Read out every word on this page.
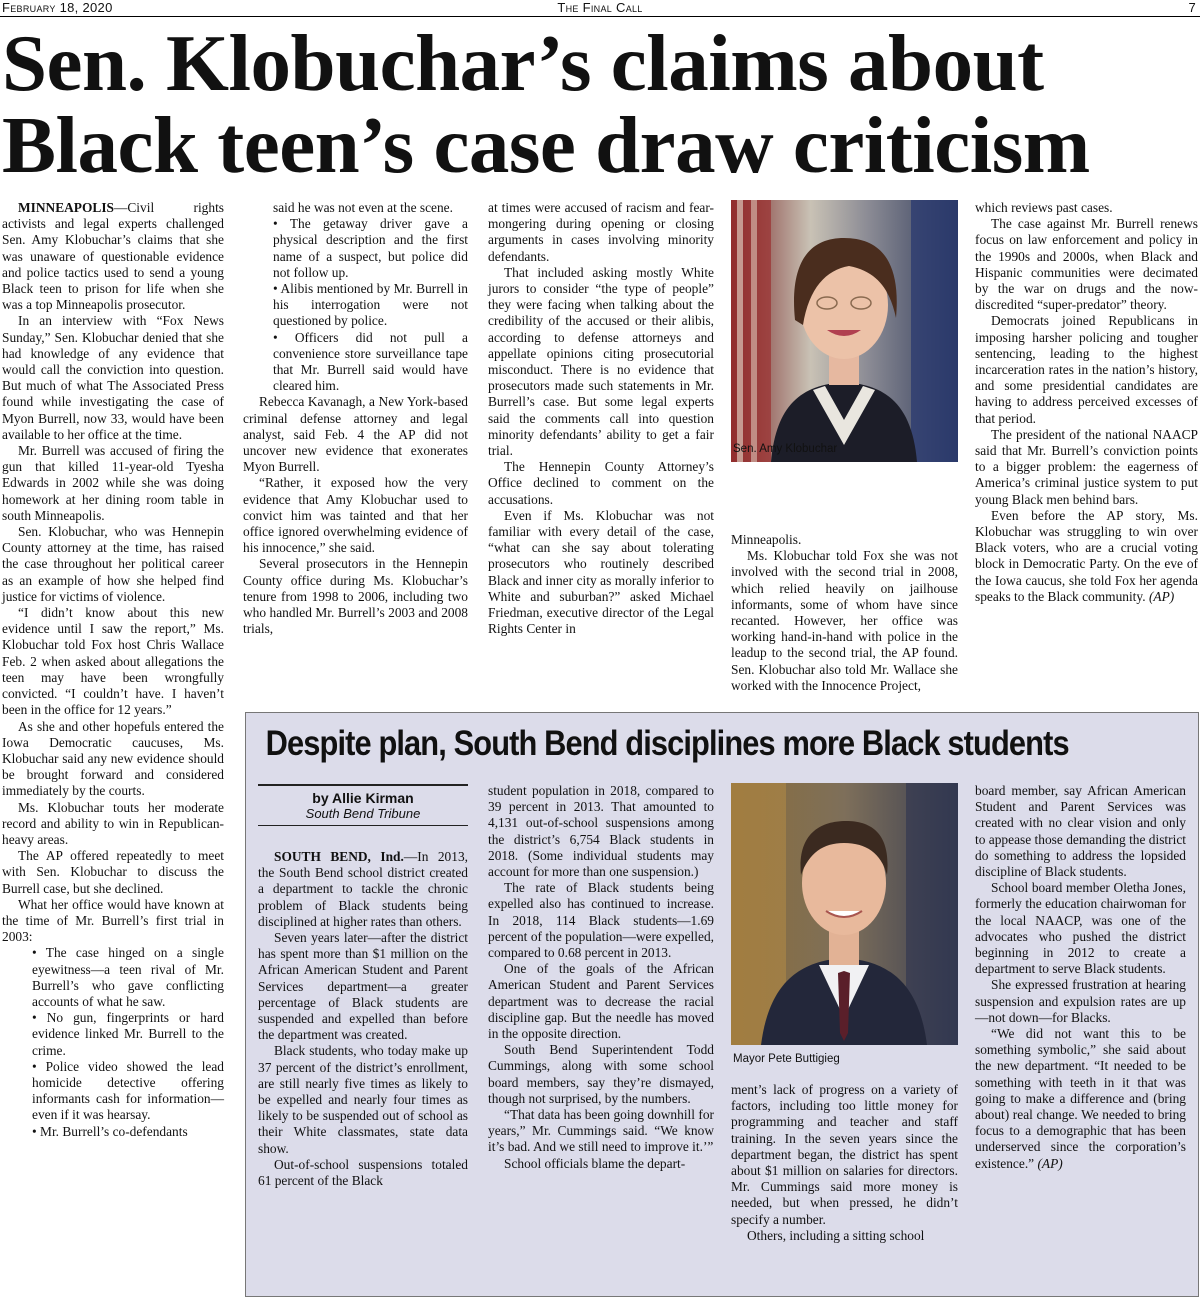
February 18, 2020	The Final Call	7
Sen. Klobuchar’s claims about
Black teen’s case draw criticism

MINNEAPOLIS—Civil rights activists and legal experts challenged Sen. Amy Klobuchar’s claims that she was unaware of questionable evidence and police tactics used to send a young Black teen to prison for life when she was a top Minneapolis prosecutor.

In an interview with “Fox News Sunday,” Sen. Klobuchar denied that she had knowledge of any evidence that would call the conviction into question. But much of what The Associated Press found while investigating the case of Myon Burrell, now 33, would have been available to her office at the time.

Mr. Burrell was accused of firing the gun that killed 11-year-old Tyesha Edwards in 2002 while she was doing homework at her dining room table in south Minneapolis.

Sen. Klobuchar, who was Hennepin County attorney at the time, has raised the case throughout her political career as an example of how she helped find justice for victims of violence.

“I didn’t know about this new evidence until I saw the report,” Ms. Klobuchar told Fox host Chris Wallace Feb. 2 when asked about allegations the teen may have been wrongfully convicted. “I couldn’t have. I haven’t been in the office for 12 years.”

As she and other hopefuls entered the Iowa Democratic caucuses, Ms. Klobuchar said any new evidence should be brought forward and considered immediately by the courts.

Ms. Klobuchar touts her moderate record and ability to win in Republican-heavy areas.

The AP offered repeatedly to meet with Sen. Klobuchar to discuss the Burrell case, but she declined.

What her office would have known at the time of Mr. Burrell’s first trial in 2003:

• The case hinged on a single eyewitness—a teen rival of Mr. Burrell’s who gave conflicting accounts of what he saw.

• No gun, fingerprints or hard evidence linked Mr. Burrell to the crime.

• Police video showed the lead homicide detective offering informants cash for information—even if it was hearsay.

• Mr. Burrell’s co-defendants

said he was not even at the scene.

• The getaway driver gave a physical description and the first name of a suspect, but police did not follow up.

• Alibis mentioned by Mr. Burrell in his interrogation were not questioned by police.

• Officers did not pull a convenience store surveillance tape that Mr. Burrell said would have cleared him.

Rebecca Kavanagh, a New York-based criminal defense attorney and legal analyst, said Feb. 4 the AP did not uncover new evidence that exonerates Myon Burrell.

“Rather, it exposed how the very evidence that Amy Klobuchar used to convict him was tainted and that her office ignored overwhelming evidence of his innocence,” she said.

Several prosecutors in the Hennepin County office during Ms. Klobuchar’s tenure from 1998 to 2006, including two who handled Mr. Burrell’s 2003 and 2008 trials,

at times were accused of racism and fear-mongering during opening or closing arguments in cases involving minority defendants.

That included asking mostly White jurors to consider “the type of people” they were facing when talking about the credibility of the accused or their alibis, according to defense attorneys and appellate opinions citing prosecutorial misconduct. There is no evidence that prosecutors made such statements in Mr. Burrell’s case. But some legal experts said the comments call into question minority defendants’ ability to get a fair trial.

The Hennepin County Attorney’s Office declined to comment on the accusations.

Even if Ms. Klobuchar was not familiar with every detail of the case, “what can she say about tolerating prosecutors who routinely described Black and inner city as morally inferior to White and suburban?” asked Michael Friedman, executive director of the Legal Rights Center in

Sen. Amy Klobuchar

Minneapolis.

Ms. Klobuchar told Fox she was not involved with the second trial in 2008, which relied heavily on jailhouse informants, some of whom have since recanted. However, her office was working hand-in-hand with police in the leadup to the second trial, the AP found. Sen. Klobuchar also told Mr. Wallace she worked with the Innocence Project,

which reviews past cases.

The case against Mr. Burrell renews focus on law enforcement and policy in the 1990s and 2000s, when Black and Hispanic communities were decimated by the war on drugs and the now-discredited “super-predator” theory.

Democrats joined Republicans in imposing harsher policing and tougher sentencing, leading to the highest incarceration rates in the nation’s history, and some presidential candidates are having to address perceived excesses of that period.

The president of the national NAACP said that Mr. Burrell’s conviction points to a bigger problem: the eagerness of America’s criminal justice system to put young Black men behind bars.

Even before the AP story, Ms. Klobuchar was struggling to win over Black voters, who are a crucial voting block in Democratic Party. On the eve of the Iowa caucus, she told Fox her agenda speaks to the Black community. (AP)

Despite plan, South Bend disciplines more Black students
by Allie Kirman
South Bend Tribune

SOUTH BEND, Ind.—In 2013, the South Bend school district created a department to tackle the chronic problem of Black students being disciplined at higher rates than others.

Seven years later—after the district has spent more than $1 million on the African American Student and Parent Services department—a greater percentage of Black students are suspended and expelled than before the department was created.

Black students, who today make up 37 percent of the district’s enrollment, are still nearly five times as likely to be expelled and nearly four times as likely to be suspended out of school as their White classmates, state data show.

Out-of-school suspensions totaled 61 percent of the Black

student population in 2018, compared to 39 percent in 2013. That amounted to 4,131 out-of-school suspensions among the district’s 6,754 Black students in 2018. (Some individual students may account for more than one suspension.)

The rate of Black students being expelled also has continued to increase. In 2018, 114 Black students—1.69 percent of the population—were expelled, compared to 0.68 percent in 2013.

One of the goals of the African American Student and Parent Services department was to decrease the racial discipline gap. But the needle has moved in the opposite direction.

South Bend Superintendent Todd Cummings, along with some school board members, say they’re dismayed, though not surprised, by the numbers.

“That data has been going downhill for years,” Mr. Cummings said. “We know it’s bad. And we still need to improve it.’”

School officials blame the depart-

Mayor Pete Buttigieg

ment’s lack of progress on a variety of factors, including too little money for programming and teacher and staff training. In the seven years since the department began, the district has spent about $1 million on salaries for directors. Mr. Cummings said more money is needed, but when pressed, he didn’t specify a number.

Others, including a sitting school

board member, say African American Student and Parent Services was created with no clear vision and only to appease those demanding the district do something to address the lopsided discipline of Black students.

School board member Oletha Jones, formerly the education chairwoman for the local NAACP, was one of the advocates who pushed the district beginning in 2012 to create a department to serve Black students.

She expressed frustration at hearing suspension and expulsion rates are up—not down—for Blacks.

“We did not want this to be something symbolic,” she said about the new department. “It needed to be something with teeth in it that was going to make a difference and (bring about) real change. We needed to bring focus to a demographic that has been underserved since the corporation’s existence.” (AP)
